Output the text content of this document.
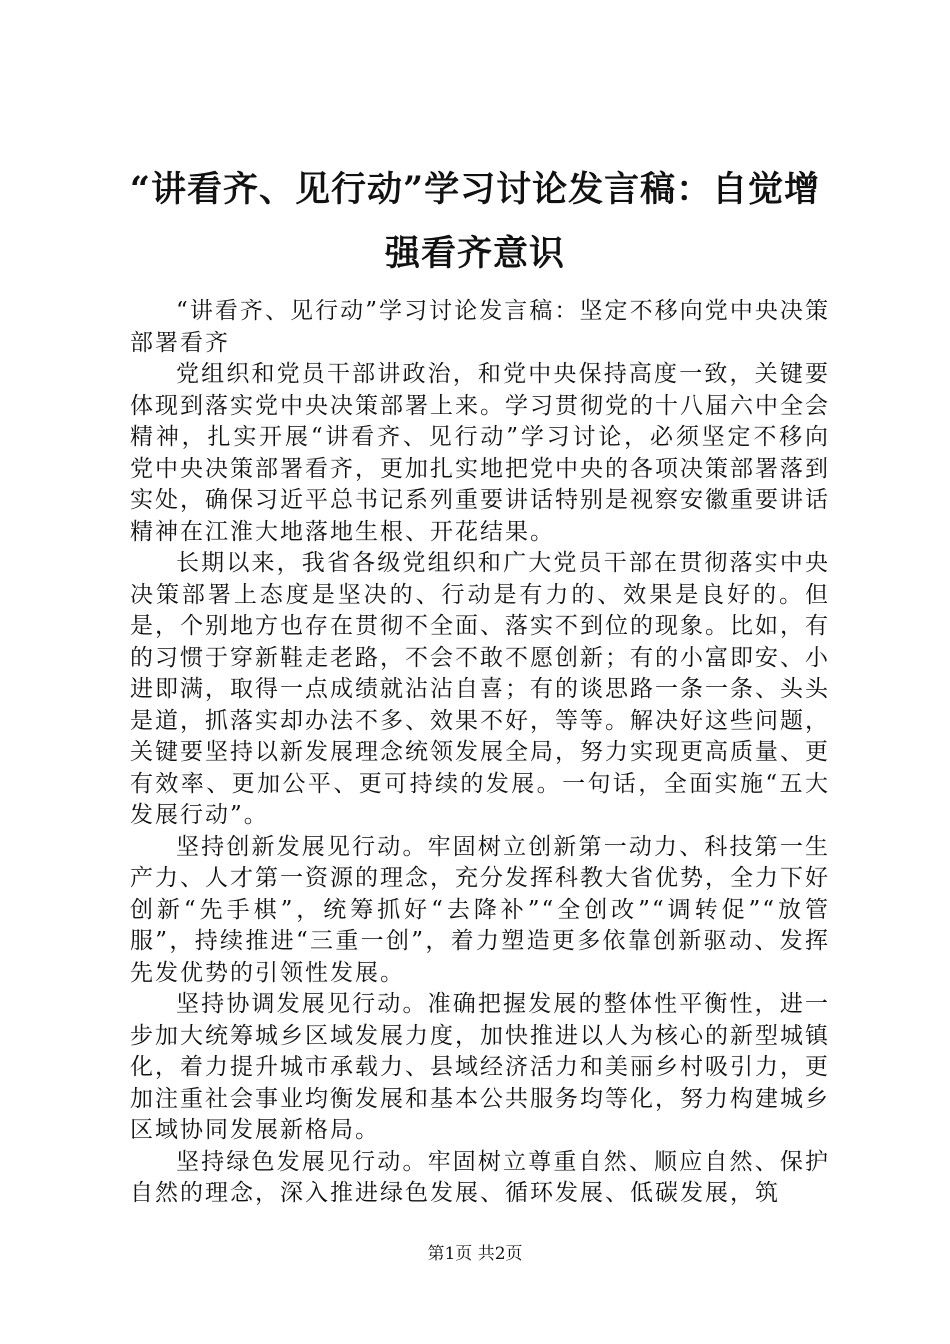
“讲看齐、见行动”学习讨论发言稿：自觉增强看齐意识

“讲看齐、见行动”学习讨论发言稿：坚定不移向党中央决策部署看齐

党组织和党员干部讲政治，和党中央保持高度一致，关键要体现到落实党中央决策部署上来。学习贯彻党的十八届六中全会精神，扎实开展“讲看齐、见行动”学习讨论，必须坚定不移向党中央决策部署看齐，更加扎实地把党中央的各项决策部署落到实处，确保习近平总书记系列重要讲话特别是视察安徽重要讲话精神在江淮大地落地生根、开花结果。

长期以来，我省各级党组织和广大党员干部在贯彻落实中央决策部署上态度是坚决的、行动是有力的、效果是良好的。但是，个别地方也存在贯彻不全面、落实不到位的现象。比如，有的习惯于穿新鞋走老路，不会不敢不愿创新；有的小富即安、小进即满，取得一点成绩就沾沾自喜；有的谈思路一条一条、头头是道，抓落实却办法不多、效果不好，等等。解决好这些问题，关键要坚持以新发展理念统领发展全局，努力实现更高质量、更有效率、更加公平、更可持续的发展。一句话，全面实施“五大发展行动”。

坚持创新发展见行动。牢固树立创新第一动力、科技第一生产力、人才第一资源的理念，充分发挥科教大省优势，全力下好创新“先手棋”，统筹抓好“去降补”“全创改”“调转促”“放管服”，持续推进“三重一创”，着力塑造更多依靠创新驱动、发挥先发优势的引领性发展。

坚持协调发展见行动。准确把握发展的整体性平衡性，进一步加大统筹城乡区域发展力度，加快推进以人为核心的新型城镇化，着力提升城市承载力、县域经济活力和美丽乡村吸引力，更加注重社会事业均衡发展和基本公共服务均等化，努力构建城乡区域协同发展新格局。

坚持绿色发展见行动。牢固树立尊重自然、顺应自然、保护自然的理念，深入推进绿色发展、循环发展、低碳发展，筑

第1页 共2页
